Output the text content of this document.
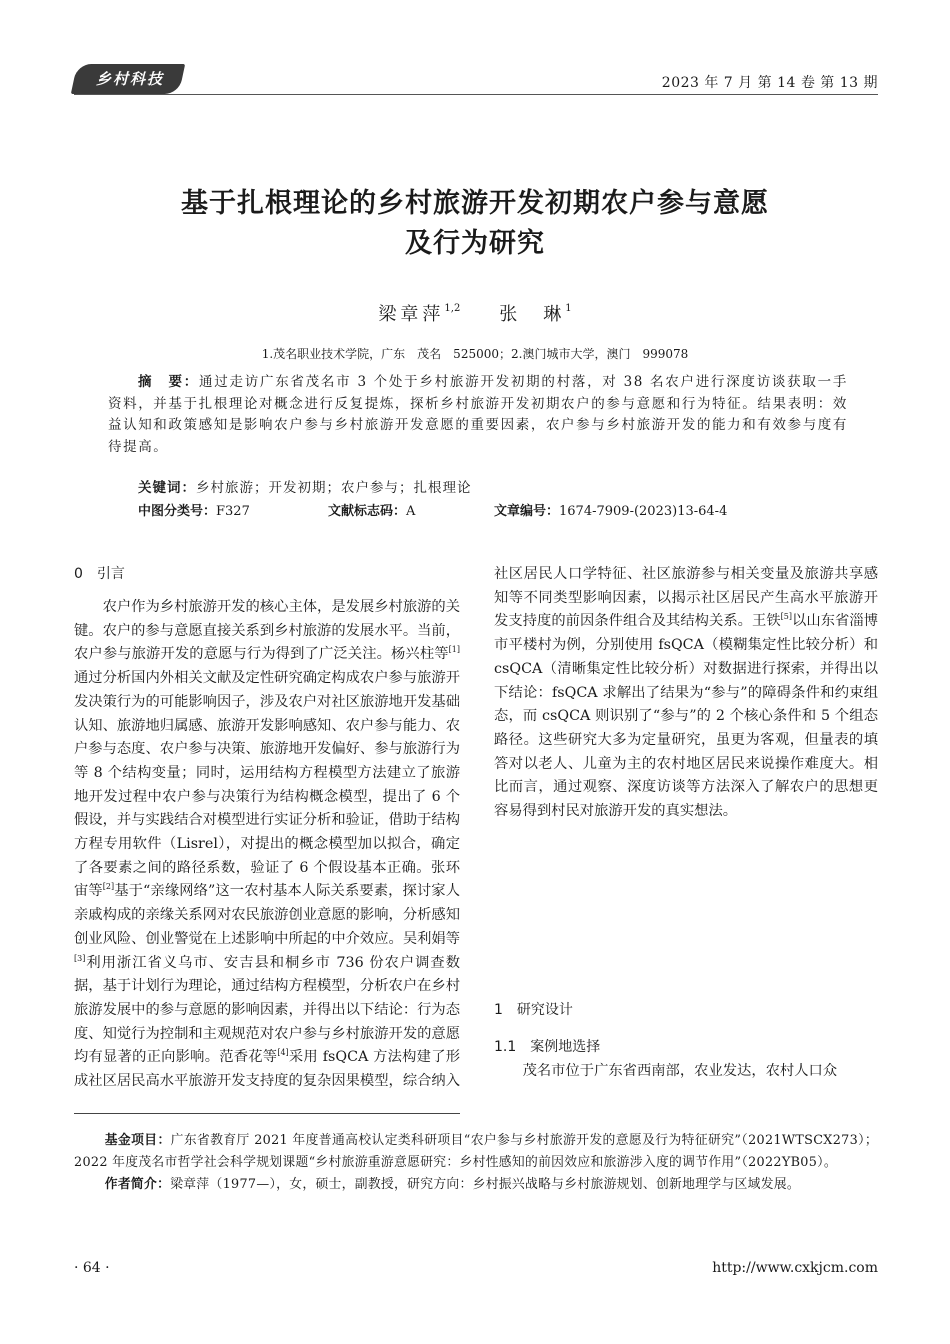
乡村科技	2023 年 7 月 第 14 卷 第 13 期
基于扎根理论的乡村旅游开发初期农户参与意愿
及行为研究
梁章萍$^{1,2}$ 张　琳$^1$
1.茂名职业技术学院，广东　茂名　525000；2.澳门城市大学，澳门　999078
摘　要：通过走访广东省茂名市 3 个处于乡村旅游开发初期的村落，对 38 名农户进行深度访谈获取一手资料，并基于扎根理论对概念进行反复提炼，探析乡村旅游开发初期农户的参与意愿和行为特征。结果表明：效益认知和政策感知是影响农户参与乡村旅游开发意愿的重要因素，农户参与乡村旅游开发的能力和有效参与度有待提高。
关键词：乡村旅游；开发初期；农户参与；扎根理论
中图分类号：F327	文献标志码：A	文章编号：1674-7909-(2023)13-64-4
0　引言

农户作为乡村旅游开发的核心主体，是发展乡村旅游的关键。农户的参与意愿直接关系到乡村旅游的发展水平。当前，农户参与旅游开发的意愿与行为得到了广泛关注。杨兴柱等[1]通过分析国内外相关文献及定性研究确定构成农户参与旅游开发决策行为的可能影响因子，涉及农户对社区旅游地开发基础认知、旅游地归属感、旅游开发影响感知、农户参与能力、农户参与态度、农户参与决策、旅游地开发偏好、参与旅游行为等 8 个结构变量；同时，运用结构方程模型方法建立了旅游地开发过程中农户参与决策行为结构概念模型，提出了 6 个假设，并与实践结合对模型进行实证分析和验证，借助于结构方程专用软件（Lisrel），对提出的概念模型加以拟合，确定了各要素之间的路径系数，验证了 6 个假设基本正确。张环宙等[2]基于“亲缘网络”这一农村基本人际关系要素，探讨家人亲戚构成的亲缘关系网对农民旅游创业意愿的影响，分析感知创业风险、创业警觉在上述影响中所起的中介效应。吴利娟等[3]利用浙江省义乌市、安吉县和桐乡市 736 份农户调查数据，基于计划行为理论，通过结构方程模型，分析农户在乡村旅游发展中的参与意愿的影响因素，并得出以下结论：行为态度、知觉行为控制和主观规范对农户参与乡村旅游开发的意愿均有显著的正向影响。范香花等[4]采用 fsQCA 方法构建了形成社区居民高水平旅游开发支持度的复杂因果模型，综合纳入

1　研究设计
1.1　案例地选择

茂名市位于广东省西南部，农业发达，农村人口众

基金项目：广东省教育厅 2021 年度普通高校认定类科研项目“农户参与乡村旅游开发的意愿及行为特征研究”（2021WTSCX273）；2022 年度茂名市哲学社会科学规划课题“乡村旅游重游意愿研究：乡村性感知的前因效应和旅游涉入度的调节作用”（2022YB05）。

作者简介：梁章萍（1977—），女，硕士，副教授，研究方向：乡村振兴战略与乡村旅游规划、创新地理学与区域发展。

· 64 ·	http://www.cxkjcm.com

社区居民人口学特征、社区旅游参与相关变量及旅游共享感知等不同类型影响因素，以揭示社区居民产生高水平旅游开发支持度的前因条件组合及其结构关系。王铁[5]以山东省淄博市平楼村为例，分别使用 fsQCA（模糊集定性比较分析）和 csQCA（清晰集定性比较分析）对数据进行探索，并得出以下结论：fsQCA 求解出了结果为“参与”的障碍条件和约束组态，而 csQCA 则识别了“参与”的 2 个核心条件和 5 个组态路径。这些研究大多为定量研究，虽更为客观，但量表的填答对以老人、儿童为主的农村地区居民来说操作难度大。相比而言，通过观察、深度访谈等方法深入了解农户的思想更容易得到村民对旅游开发的真实想法。
